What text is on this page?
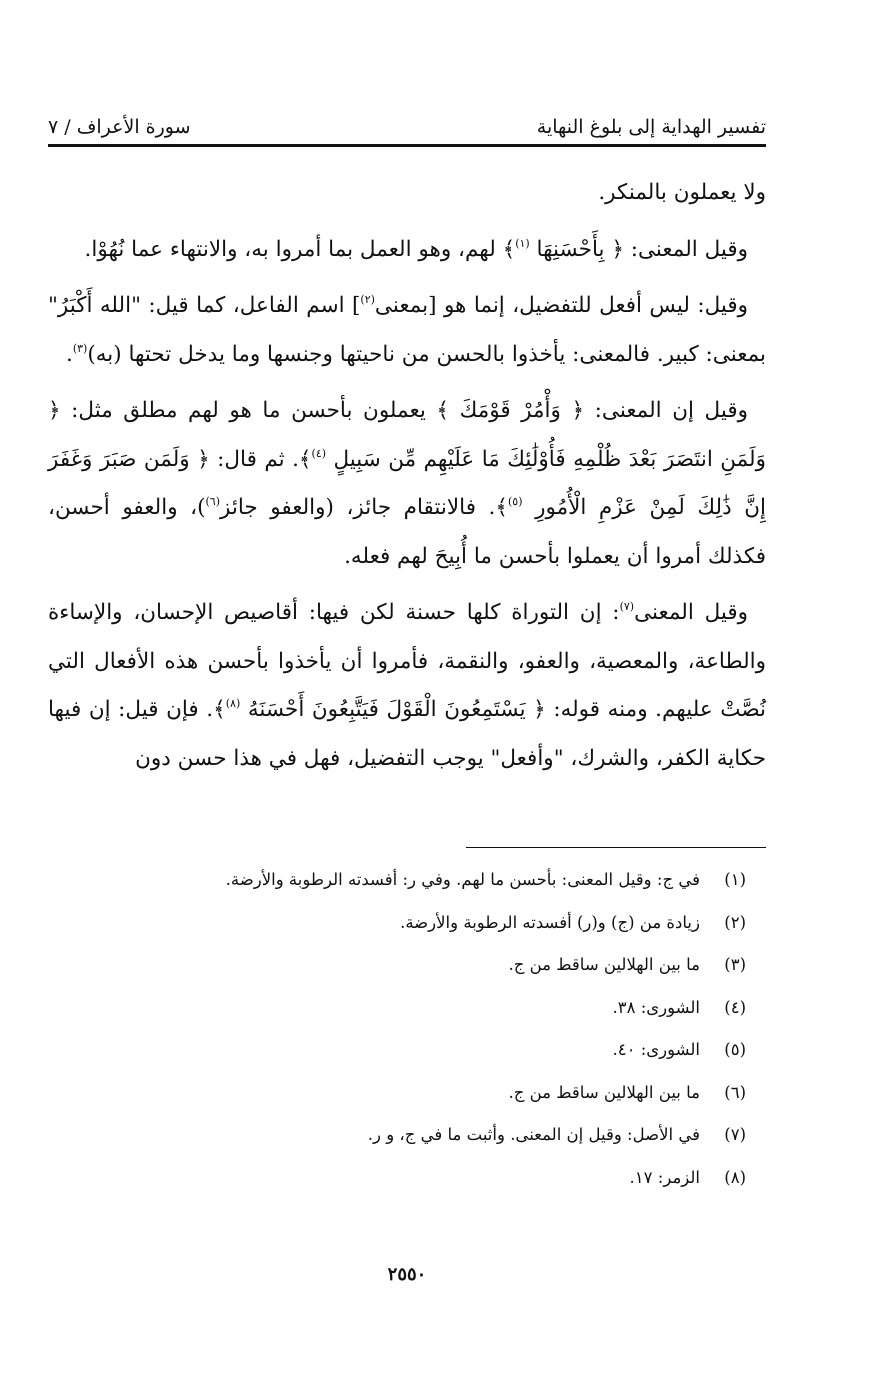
تفسير الهداية إلى بلوغ النهاية
سورة الأعراف / ٧

ولا يعملون بالمنكر.

وقيل المعنى: ﴿ بِأَحْسَنِهَا $^{(١)}$﴾ لهم، وهو العمل بما أمروا به، والانتهاء عما نُهُوْا.

وقيل: ليس أفعل للتفضيل، إنما هو [بمعنى$^{(٢)}$] اسم الفاعل، كما قيل: "الله أَكْبَرُ" بمعنى: كبير. فالمعنى: يأخذوا بالحسن من ناحيتها وجنسها وما يدخل تحتها (به)$^{(٣)}$.

وقيل إن المعنى: ﴿ وَأْمُرْ قَوْمَكَ ﴾ يعملون بأحسن ما هو لهم مطلق مثل: ﴿ وَلَمَنِ انتَصَرَ بَعْدَ ظُلْمِهِ فَأُوْلَٰئِكَ مَا عَلَيْهِم مِّن سَبِيلٍ $^{(٤)}$﴾. ثم قال: ﴿ وَلَمَن صَبَرَ وَغَفَرَ إِنَّ ذَٰلِكَ لَمِنْ عَزْمِ الْأُمُورِ $^{(٥)}$﴾. فالانتقام جائز، (والعفو جائز$^{(٦)}$)، والعفو أحسن، فكذلك أمروا أن يعملوا بأحسن ما أُبِيحَ لهم فعله.

وقيل المعنى$^{(٧)}$: إن التوراة كلها حسنة لكن فيها: أقاصيص الإحسان، والإساءة والطاعة، والمعصية، والعفو، والنقمة، فأمروا أن يأخذوا بأحسن هذه الأفعال التي نُصَّتْ عليهم. ومنه قوله: ﴿ يَسْتَمِعُونَ الْقَوْلَ فَيَتَّبِعُونَ أَحْسَنَهُ $^{(٨)}$﴾. فإن قيل: إن فيها حكاية الكفر، والشرك، "وأفعل" يوجب التفضيل، فهل في هذا حسن دون

(١)
في ج: وقيل المعنى: بأحسن ما لهم. وفي ر: أفسدته الرطوبة والأرضة.
(٢)
زيادة من (ج) و(ر) أفسدته الرطوبة والأرضة.
(٣)
ما بين الهلالين ساقط من ج.
(٤)
الشورى: ٣٨.
(٥)
الشورى: ٤٠.
(٦)
ما بين الهلالين ساقط من ج.
(٧)
في الأصل: وقيل إن المعنى. وأثبت ما في ج، و ر.
(٨)
الزمر: ١٧.
٢٥٥٠
